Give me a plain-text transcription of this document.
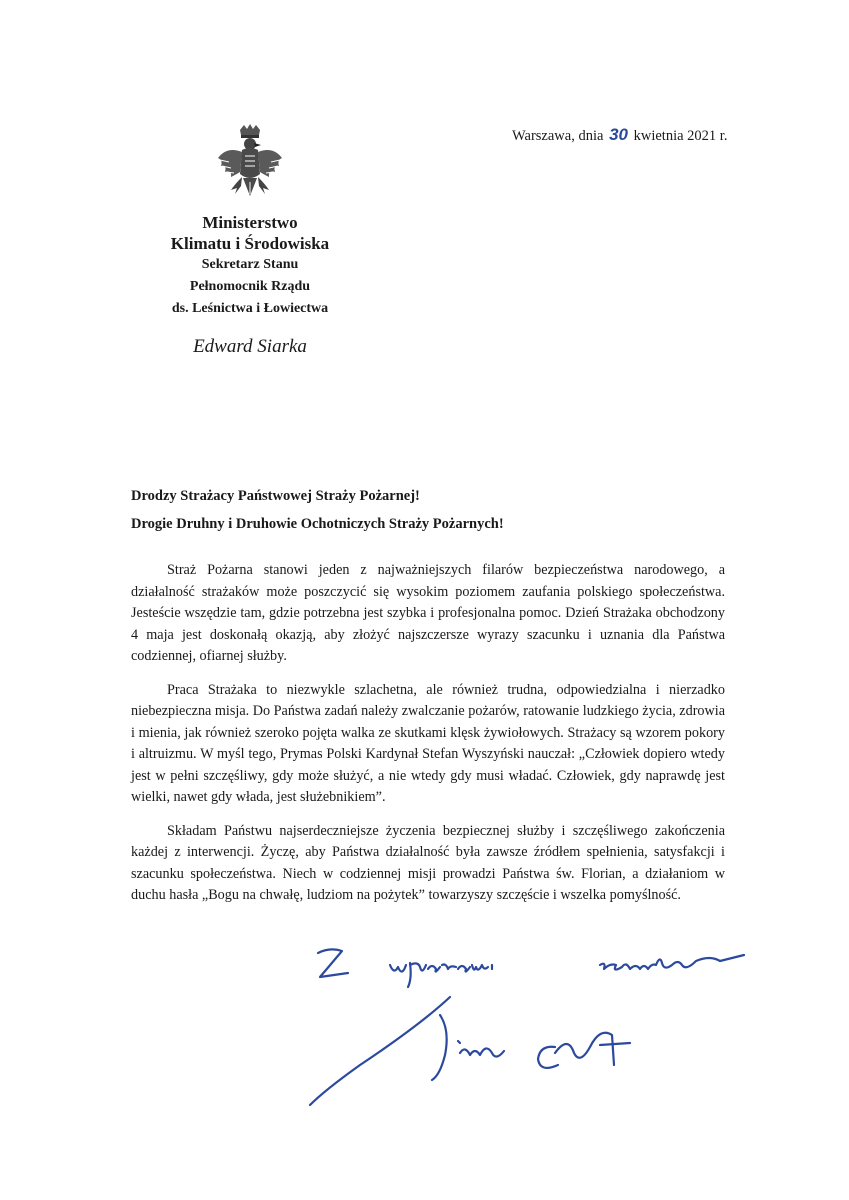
Warszawa, dnia 30 kwietnia 2021 r.
Ministerstwo
Klimatu i Środowiska
Sekretarz Stanu
Pełnomocnik Rządu
ds. Leśnictwa i Łowiectwa
Edward Siarka
Drodzy Strażacy Państwowej Straży Pożarnej!
Drogie Druhny i Druhowie Ochotniczych Straży Pożarnych!

Straż Pożarna stanowi jeden z najważniejszych filarów bezpieczeństwa narodowego, a działalność strażaków może poszczycić się wysokim poziomem zaufania polskiego społeczeństwa. Jesteście wszędzie tam, gdzie potrzebna jest szybka i profesjonalna pomoc. Dzień Strażaka obchodzony 4 maja jest doskonałą okazją, aby złożyć najszczersze wyrazy szacunku i uznania dla Państwa codziennej, ofiarnej służby.

Praca Strażaka to niezwykle szlachetna, ale również trudna, odpowiedzialna i nierzadko niebezpieczna misja. Do Państwa zadań należy zwalczanie pożarów, ratowanie ludzkiego życia, zdrowia i mienia, jak również szeroko pojęta walka ze skutkami klęsk żywiołowych. Strażacy są wzorem pokory i altruizmu. W myśl tego, Prymas Polski Kardynał Stefan Wyszyński nauczał: „Człowiek dopiero wtedy jest w pełni szczęśliwy, gdy może służyć, a nie wtedy gdy musi władać. Człowiek, gdy naprawdę jest wielki, nawet gdy włada, jest służebnikiem”.

Składam Państwu najserdeczniejsze życzenia bezpiecznej służby i szczęśliwego zakończenia każdej z interwencji. Życzę, aby Państwa działalność była zawsze źródłem spełnienia, satysfakcji i szacunku społeczeństwa. Niech w codziennej misji prowadzi Państwa św. Florian, a działaniom w duchu hasła „Bogu na chwałę, ludziom na pożytek” towarzyszy szczęście i wszelka pomyślność.
